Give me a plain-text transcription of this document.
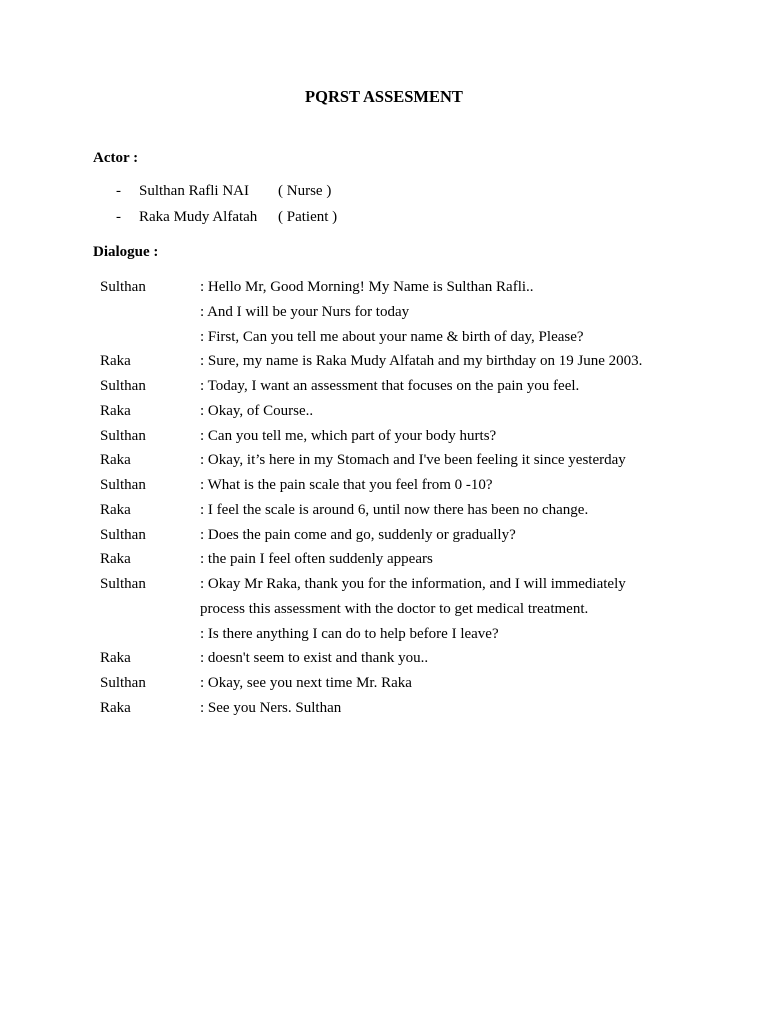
PQRST ASSESMENT
Actor :
- Sulthan Rafli NAI ( Nurse )
- Raka Mudy Alfatah ( Patient )
Dialogue :
Sulthan	: Hello Mr, Good Morning! My Name is Sulthan Rafli..
: And I will be your Nurs for today
: First, Can you tell me about your name & birth of day, Please?
Raka	: Sure, my name is Raka Mudy Alfatah and my birthday on 19 June 2003.
Sulthan	: Today, I want an assessment that focuses on the pain you feel.
Raka	: Okay, of Course..
Sulthan	: Can you tell me, which part of your body hurts?
Raka	: Okay, it’s here in my Stomach and I've been feeling it since yesterday
Sulthan	: What is the pain scale that you feel from 0 -10?
Raka	: I feel the scale is around 6, until now there has been no change.
Sulthan	: Does the pain come and go, suddenly or gradually?
Raka	: the pain I feel often suddenly appears
Sulthan	: Okay Mr Raka, thank you for the information, and I will immediately
process this assessment with the doctor to get medical treatment.
: Is there anything I can do to help before I leave?
Raka	: doesn't seem to exist and thank you..
Sulthan	: Okay, see you next time Mr. Raka
Raka	: See you Ners. Sulthan
